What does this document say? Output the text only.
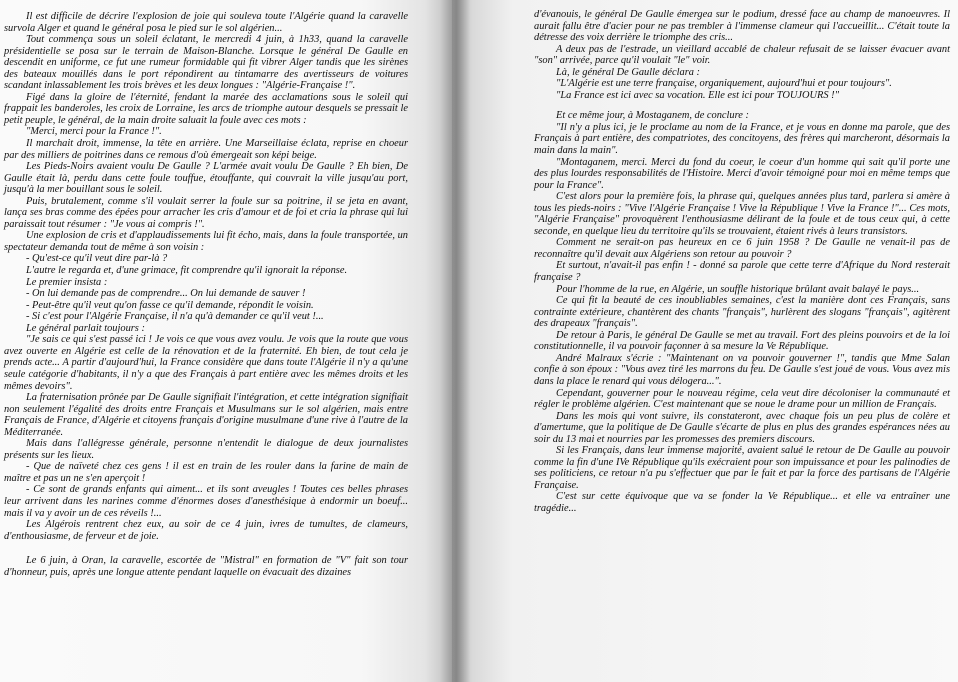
Il est difficile de décrire l'explosion de joie qui souleva toute l'Algérie quand la caravelle survola Alger et quand le général posa le pied sur le sol algérien...

Tout commença sous un soleil éclatant, le mercredi 4 juin, à 1h33, quand la caravelle présidentielle se posa sur le terrain de Maison-Blanche. Lorsque le général De Gaulle en descendit en uniforme, ce fut une rumeur formidable qui fit vibrer Alger tandis que les sirènes des bateaux mouillés dans le port répondirent au tintamarre des avertisseurs de voitures scandant inlassablement les trois brèves et les deux longues : "Algérie-Française !".

Figé dans la gloire de l'éternité, fendant la marée des acclamations sous le soleil qui frappait les banderoles, les croix de Lorraine, les arcs de triomphe autour desquels se pressait le petit peuple, le général, de la main droite saluait la foule avec ces mots :

"Merci, merci pour la France !".

Il marchait droit, immense, la tête en arrière. Une Marseillaise éclata, reprise en choeur par des milliers de poitrines dans ce remous d'où émergeait son képi beige.

Les Pieds-Noirs avaient voulu De Gaulle ? L'armée avait voulu De Gaulle ? Eh bien, De Gaulle était là, perdu dans cette foule touffue, étouffante, qui couvrait la ville jusqu'au port, jusqu'à la mer bouillant sous le soleil.

Puis, brutalement, comme s'il voulait serrer la foule sur sa poitrine, il se jeta en avant, lança ses bras comme des épées pour arracher les cris d'amour et de foi et cria la phrase qui lui paraissait tout résumer : "Je vous ai compris !".

Une explosion de cris et d'applaudissements lui fit écho, mais, dans la foule transportée, un spectateur demanda tout de même à son voisin :

- Qu'est-ce qu'il veut dire par-là ?

L'autre le regarda et, d'une grimace, fit comprendre qu'il ignorait la réponse.

Le premier insista :

- On lui demande pas de comprendre... On lui demande de sauver !

- Peut-être qu'il veut qu'on fasse ce qu'il demande, répondit le voisin.

- Si c'est pour l'Algérie Française, il n'a qu'à demander ce qu'il veut !...

Le général parlait toujours :

"Je sais ce qui s'est passé ici ! Je vois ce que vous avez voulu. Je vois que la route que vous avez ouverte en Algérie est celle de la rénovation et de la fraternité. Eh bien, de tout cela je prends acte... A partir d'aujourd'hui, la France considère que dans toute l'Algérie il n'y a qu'une seule catégorie d'habitants, il n'y a que des Français à part entière avec les mêmes droits et les mêmes devoirs".

La fraternisation prônée par De Gaulle signifiait l'intégration, et cette intégration signifiait non seulement l'égalité des droits entre Français et Musulmans sur le sol algérien, mais entre Français de France, d'Algérie et citoyens français d'origine musulmane d'une rive à l'autre de la Méditerranée.

Mais dans l'allégresse générale, personne n'entendit le dialogue de deux journalistes présents sur les lieux.

- Que de naïveté chez ces gens ! il est en train de les rouler dans la farine de main de maître et pas un ne s'en aperçoit !

- Ce sont de grands enfants qui aiment... et ils sont aveugles ! Toutes ces belles phrases leur arrivent dans les narines comme d'énormes doses d'anesthésique à endormir un boeuf... mais il va y avoir un de ces réveils !...

Les Algérois rentrent chez eux, au soir de ce 4 juin, ivres de tumultes, de clameurs, d'enthousiasme, de ferveur et de joie.

Le 6 juin, à Oran, la caravelle, escortée de "Mistral" en formation de "V" fait son tour d'honneur, puis, après une longue attente pendant laquelle on évacuait des dizaines

d'évanouis, le général De Gaulle émergea sur le podium, dressé face au champ de manoeuvres. Il aurait fallu être d'acier pour ne pas trembler à l'immense clameur qui l'accueillit... C'était toute la détresse des voix derrière le triomphe des cris...

A deux pas de l'estrade, un vieillard accablé de chaleur refusait de se laisser évacuer avant "son" arrivée, parce qu'il voulait "le" voir.

Là, le général De Gaulle déclara :

"L'Algérie est une terre française, organiquement, aujourd'hui et pour toujours".

"La France est ici avec sa vocation. Elle est ici pour TOUJOURS !"

Et ce même jour, à Mostaganem, de conclure :

"Il n'y a plus ici, je le proclame au nom de la France, et je vous en donne ma parole, que des Français à part entière, des compatriotes, des concitoyens, des frères qui marcheront, désormais la main dans la main".

"Montaganem, merci. Merci du fond du coeur, le coeur d'un homme qui sait qu'il porte une des plus lourdes responsabilités de l'Histoire. Merci d'avoir témoigné pour moi en même temps que pour la France".

C'est alors pour la première fois, la phrase qui, quelques années plus tard, parlera si amère à tous les pieds-noirs : "Vive l'Algérie Française ! Vive la République ! Vive la France !"... Ces mots, "Algérie Française" provoquèrent l'enthousiasme délirant de la foule et de tous ceux qui, à cette seconde, en quelque lieu du territoire qu'ils se trouvaient, étaient rivés à leurs transistors.

Comment ne serait-on pas heureux en ce 6 juin 1958 ? De Gaulle ne venait-il pas de reconnaître qu'il devait aux Algériens son retour au pouvoir ?

Et surtout, n'avait-il pas enfin ! - donné sa parole que cette terre d'Afrique du Nord resterait française ?

Pour l'homme de la rue, en Algérie, un souffle historique brûlant avait balayé le pays...

Ce qui fit la beauté de ces inoubliables semaines, c'est la manière dont ces Français, sans contrainte extérieure, chantèrent des chants "français", hurlèrent des slogans "français", agitèrent des drapeaux "français".

De retour à Paris, le général De Gaulle se met au travail. Fort des pleins pouvoirs et de la loi constitutionnelle, il va pouvoir façonner à sa mesure la Ve République.

André Malraux s'écrie : "Maintenant on va pouvoir gouverner !", tandis que Mme Salan confie à son époux : "Vous avez tiré les marrons du feu. De Gaulle s'est joué de vous. Vous avez mis dans la place le renard qui vous délogera...".

Cependant, gouverner pour le nouveau régime, cela veut dire décoloniser la communauté et régler le problème algérien. C'est maintenant que se noue le drame pour un million de Français.

Dans les mois qui vont suivre, ils constateront, avec chaque fois un peu plus de colère et d'amertume, que la politique de De Gaulle s'écarte de plus en plus des grandes espérances nées au soir du 13 mai et nourries par les promesses des premiers discours.

Si les Français, dans leur immense majorité, avaient salué le retour de De Gaulle au pouvoir comme la fin d'une IVe République qu'ils exécraient pour son impuissance et pour les palinodies de ses politiciens, ce retour n'a pu s'effectuer que par le fait et par la force des partisans de l'Algérie Française.

C'est sur cette équivoque que va se fonder la Ve République... et elle va entraîner une tragédie...
